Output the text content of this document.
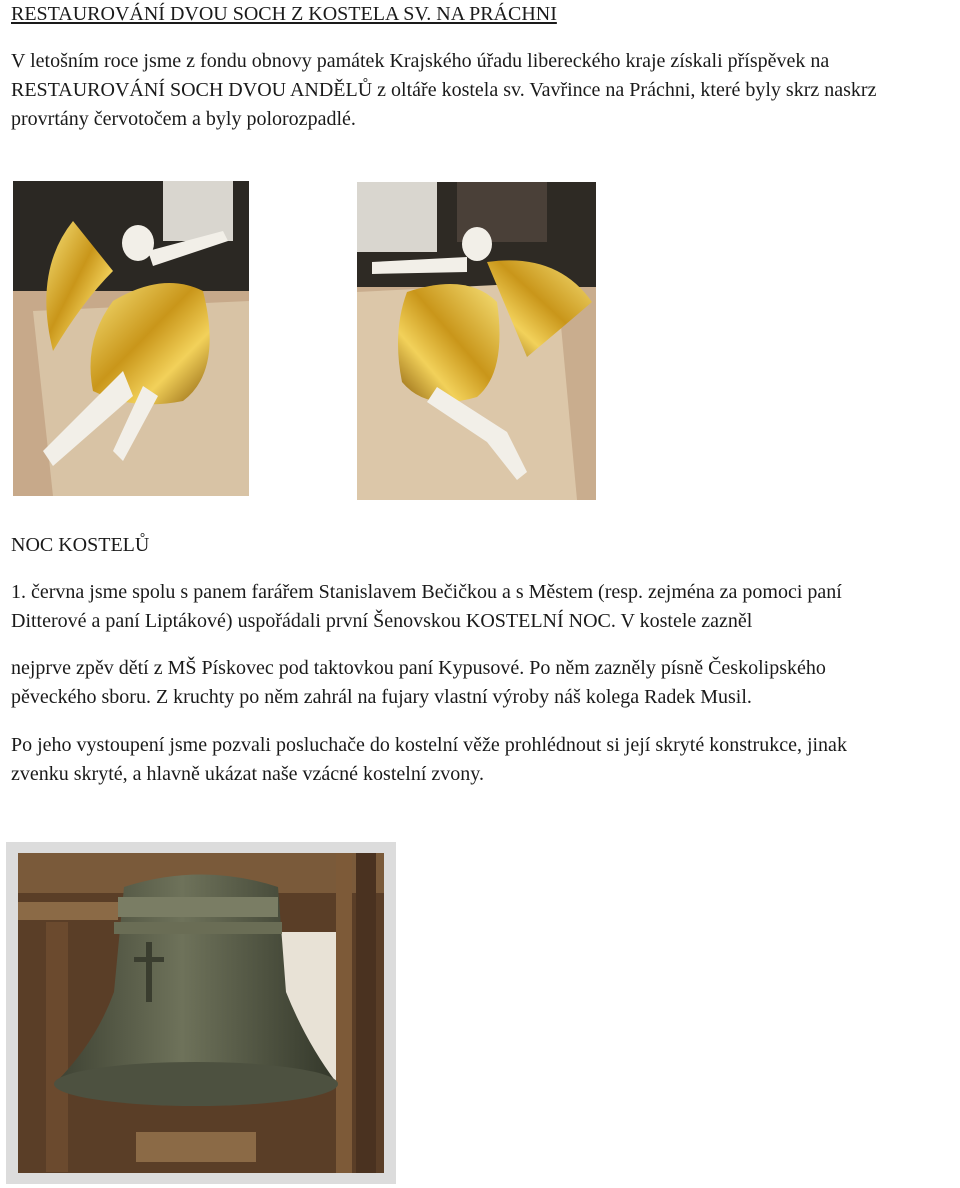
RESTAUROVÁNÍ DVOU SOCH Z KOSTELA SV. NA PRÁCHNI

V letošním roce jsme z fondu obnovy památek Krajského úřadu libereckého kraje získali příspěvek na

RESTAUROVÁNÍ SOCH DVOU ANDĚLŮ z oltáře kostela sv. Vavřince na Práchni, které byly skrz naskrz

provrtány červotočem a byly polorozpadlé.

NOC KOSTELŮ

1. června jsme spolu s panem farářem Stanislavem Bečičkou a s Městem (resp. zejména za pomoci paní

Ditterové a paní Liptákové) uspořádali první Šenovskou KOSTELNÍ NOC. V kostele zazněl

nejprve zpěv dětí z MŠ Pískovec pod taktovkou paní Kypusové. Po něm zazněly písně Českolipského

pěveckého sboru. Z kruchty po něm zahrál na fujary vlastní výroby náš kolega Radek Musil.

Po jeho vystoupení jsme pozvali posluchače do kostelní věže prohlédnout si její skryté konstrukce, jinak

zvenku skryté, a hlavně ukázat naše vzácné kostelní zvony.
